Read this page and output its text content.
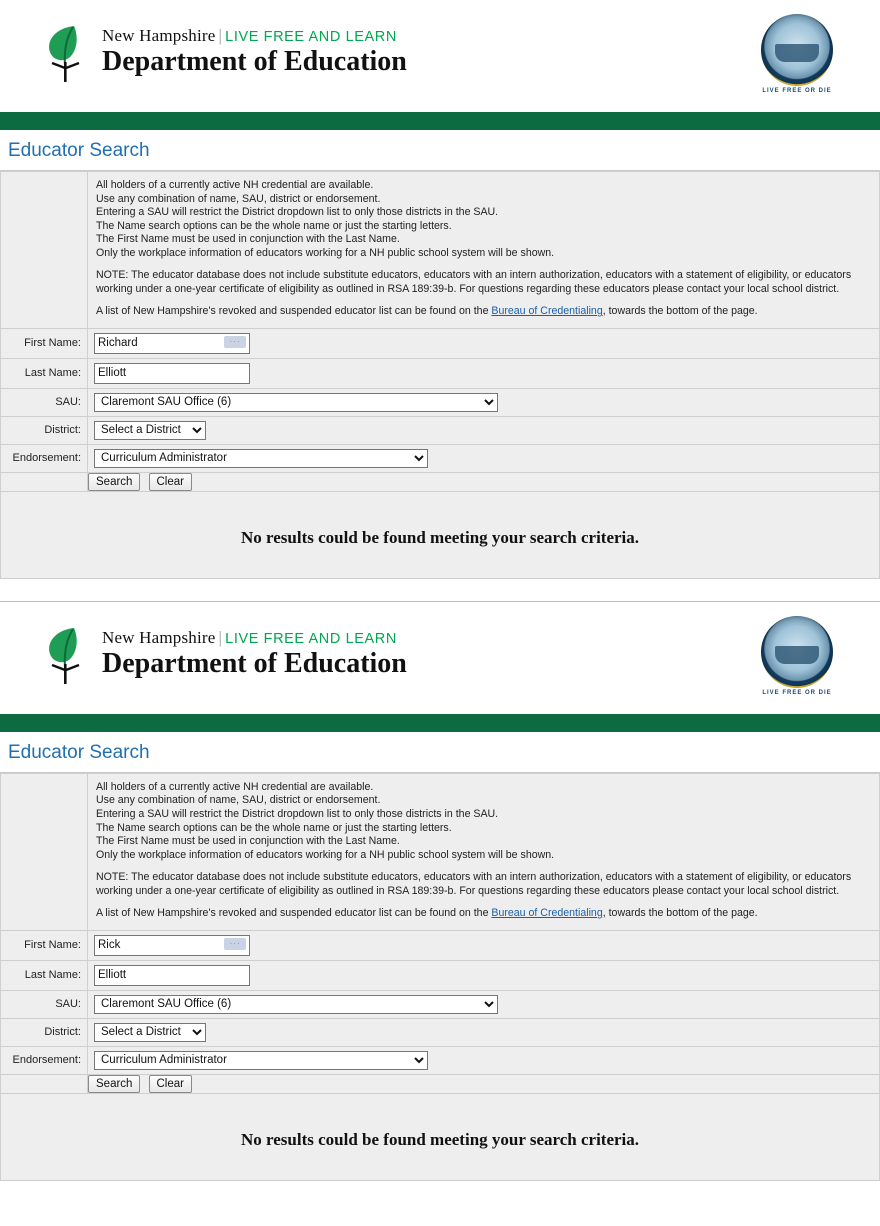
New Hampshire | LIVE FREE AND LEARN
Department of Education
LIVE FREE OR DIE
Educator Search

All holders of a currently active NH credential are available.

Use any combination of name, SAU, district or endorsement.

Entering a SAU will restrict the District dropdown list to only those districts in the SAU.

The Name search options can be the whole name or just the starting letters.

The First Name must be used in conjunction with the Last Name.

Only the workplace information of educators working for a NH public school system will be shown.

NOTE: The educator database does not include substitute educators, educators with an intern authorization, educators with a statement of eligibility, or educators working under a one-year certificate of eligibility as outlined in RSA 189:39-b. For questions regarding these educators please contact your local school district.

A list of New Hampshire's revoked and suspended educator list can be found on the Bureau of Credentialing, towards the bottom of the page.

First Name:	Richard···

Last Name:	Elliott
SAU:	
Claremont SAU Office (6)
District:	
Select a District
Endorsement:	
Curriculum Administrator
	Search Clear
No results could be found meeting your search criteria.
New Hampshire | LIVE FREE AND LEARN
Department of Education
LIVE FREE OR DIE
Educator Search

All holders of a currently active NH credential are available.

Use any combination of name, SAU, district or endorsement.

Entering a SAU will restrict the District dropdown list to only those districts in the SAU.

The Name search options can be the whole name or just the starting letters.

The First Name must be used in conjunction with the Last Name.

Only the workplace information of educators working for a NH public school system will be shown.

NOTE: The educator database does not include substitute educators, educators with an intern authorization, educators with a statement of eligibility, or educators working under a one-year certificate of eligibility as outlined in RSA 189:39-b. For questions regarding these educators please contact your local school district.

A list of New Hampshire's revoked and suspended educator list can be found on the Bureau of Credentialing, towards the bottom of the page.

First Name:	Rick···

Last Name:	Elliott
SAU:	
Claremont SAU Office (6)
District:	
Select a District
Endorsement:	
Curriculum Administrator
	Search Clear
No results could be found meeting your search criteria.
